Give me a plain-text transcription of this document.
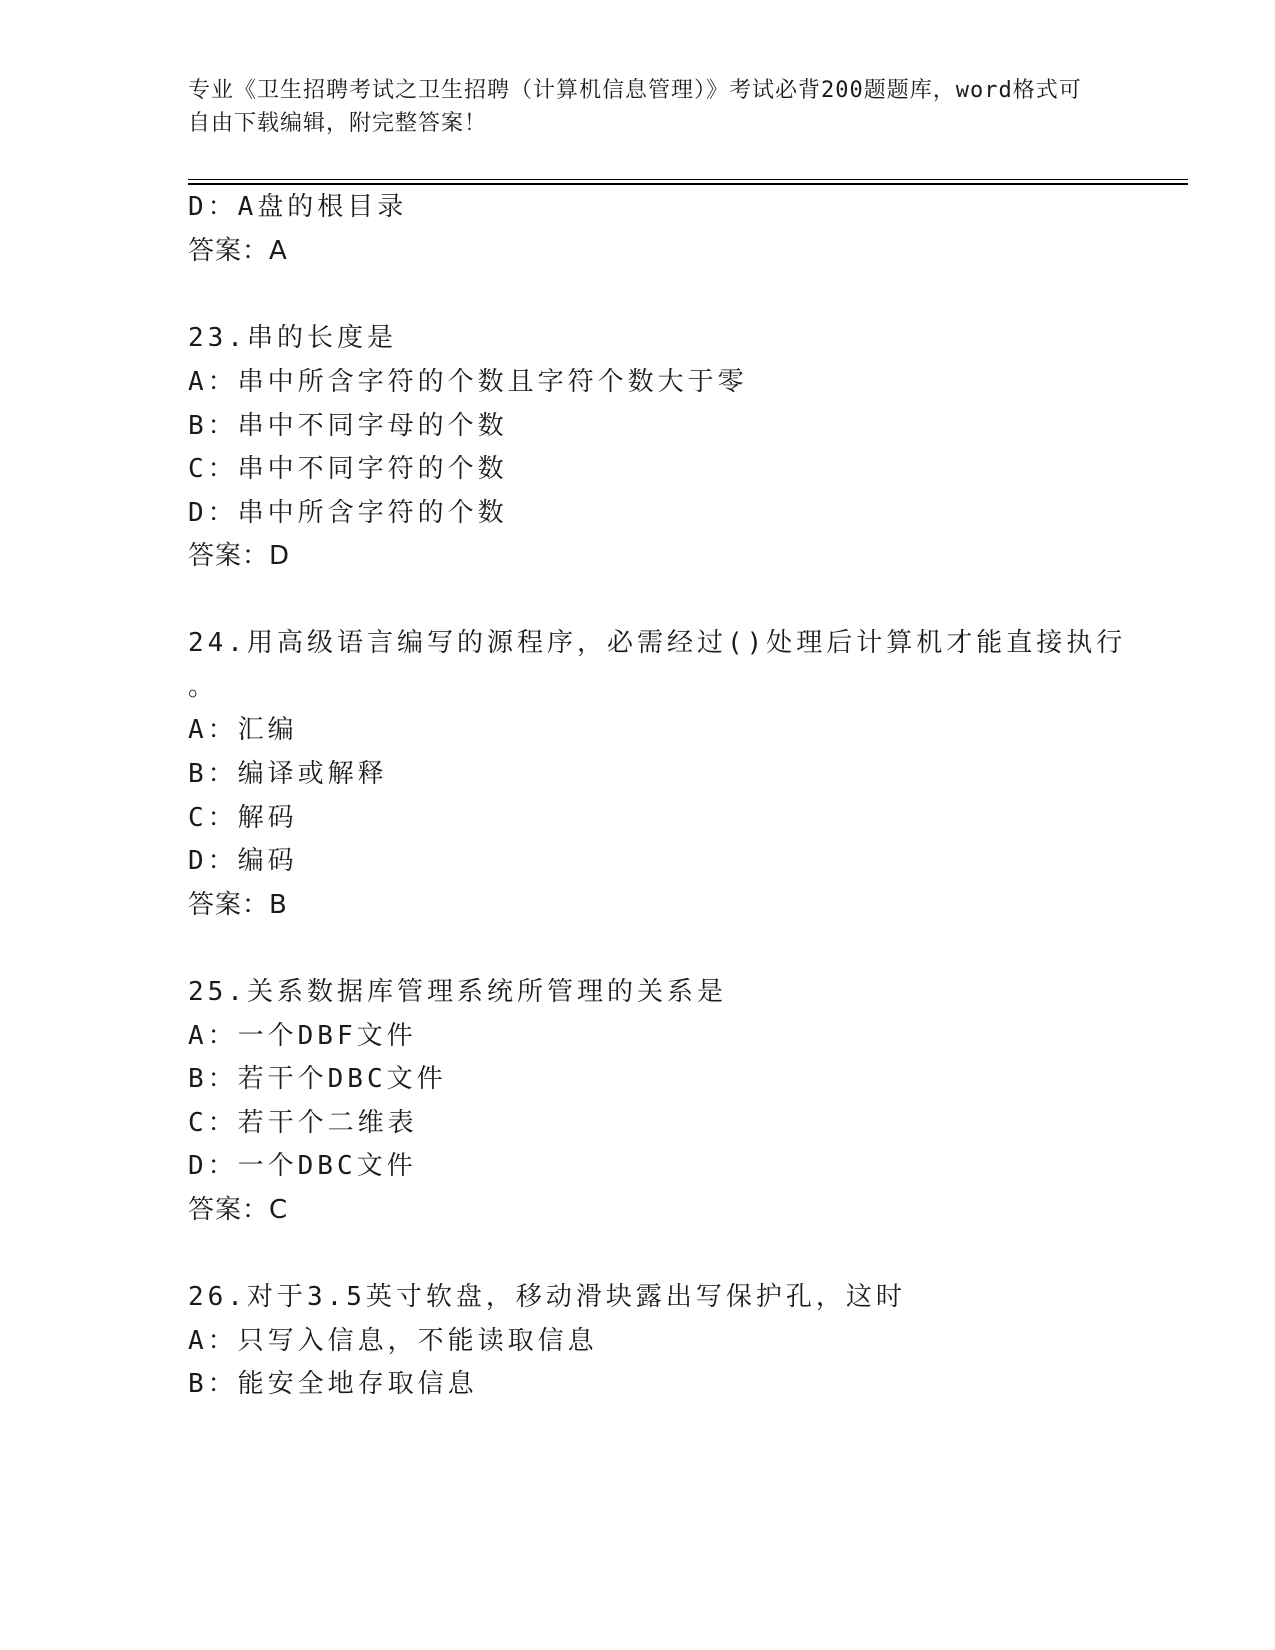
专业《卫生招聘考试之卫生招聘（计算机信息管理）》考试必背200题题库，word格式可自由下载编辑，附完整答案！
D：A盘的根目录
答案：A
23.串的长度是
A：串中所含字符的个数且字符个数大于零
B：串中不同字母的个数
C：串中不同字符的个数
D：串中所含字符的个数
答案：D
24.用高级语言编写的源程序，必需经过()处理后计算机才能直接执行
。
A：汇编
B：编译或解释
C：解码
D：编码
答案：B
25.关系数据库管理系统所管理的关系是
A：一个DBF文件
B：若干个DBC文件
C：若干个二维表
D：一个DBC文件
答案：C
26.对于3.5英寸软盘，移动滑块露出写保护孔，这时
A：只写入信息，不能读取信息
B：能安全地存取信息
